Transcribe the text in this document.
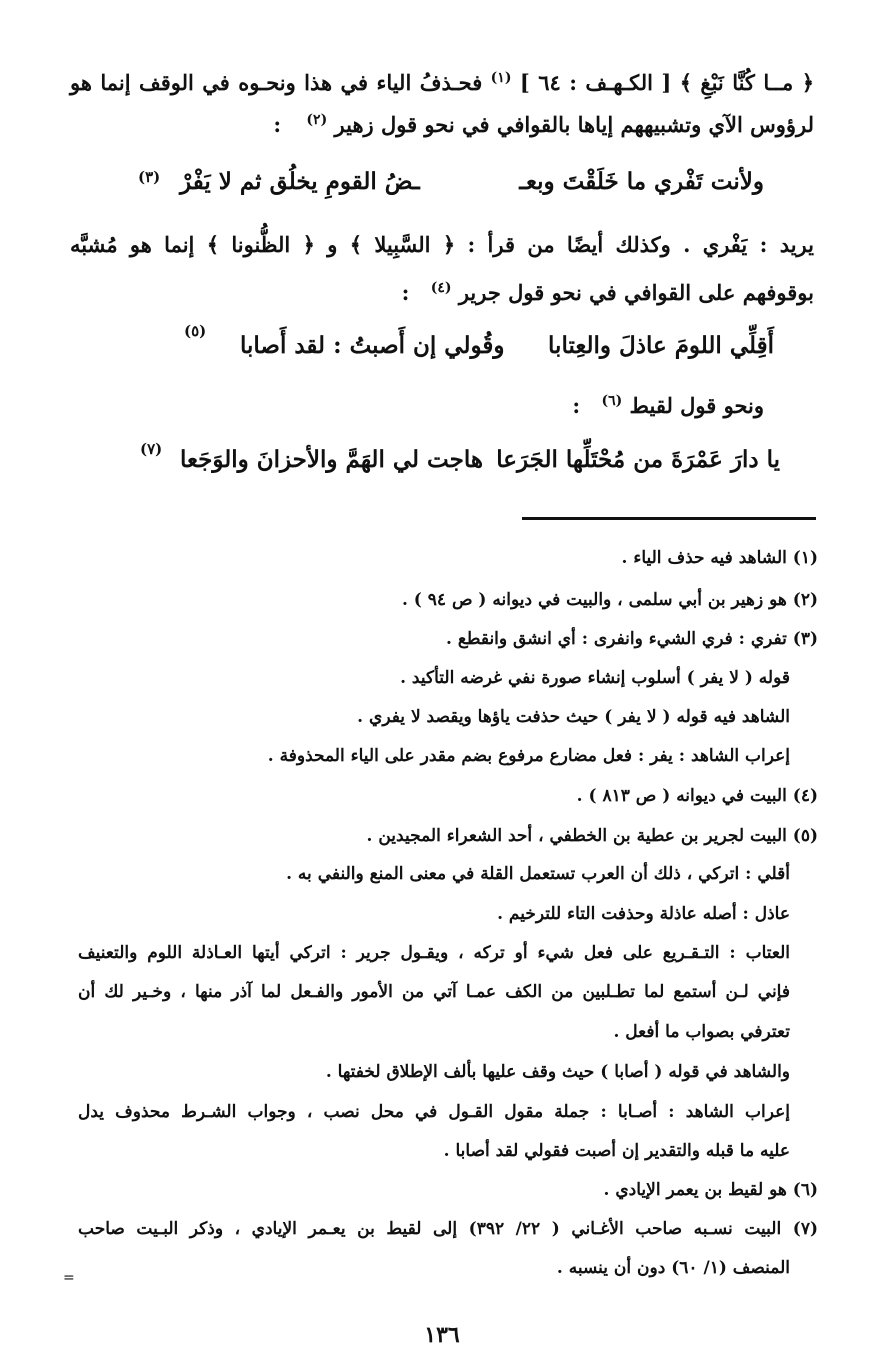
﴿ مــا كُنَّا نَبْغِ ﴾ [ الكـهـف : ٦٤ ] $^{(١)}$ فحـذفُ الياء في هذا ونحـوه في الوقف إنما هو
لرؤوس الآي وتشبيههم إياها بالقوافي في نحو قول زهير $^{(٢)}$ :
ولأنت تَفْري ما خَلَقْتَ وبعـ
ـضُ القومِ يخلُق ثم لا يَفْرْ
(٣)
يريد : يَفْري . وكذلك أيضًا من قرأ : ﴿ السَّبِيلا ﴾ و ﴿ الظُّنونا ﴾ إنما هو مُشبَّه
بوقوفهم على القوافي في نحو قول جرير $^{(٤)}$ :
أَقِلِّي اللومَ عاذلَ والعِتابا
وقُولي إن أَصبتُ : لقد أَصابا
(٥)
ونحو قول لقيط $^{(٦)}$ :
يا دارَ عَمْرَةَ من مُحْتَلِّها الجَرَعا
هاجت لي الهَمَّ والأحزانَ والوَجَعا
(٧)
(١) الشاهد فيه حذف الياء .
(٢) هو زهير بن أبي سلمى ، والبيت في ديوانه ( ص ٩٤ ) .
(٣) تفري : فري الشيء وانفرى : أي انشق وانقطع .
قوله ( لا يفر ) أسلوب إنشاء صورة نفي غرضه التأكيد .
الشاهد فيه قوله ( لا يفر ) حيث حذفت ياؤها ويقصد لا يفري .
إعراب الشاهد : يفر : فعل مضارع مرفوع بضم مقدر على الياء المحذوفة .
(٤) البيت في ديوانه ( ص ٨١٣ ) .
(٥) البيت لجرير بن عطية بن الخطفي ، أحد الشعراء المجيدين .
أقلي : اتركي ، ذلك أن العرب تستعمل القلة في معنى المنع والنفي به .
عاذل : أصله عاذلة وحذفت التاء للترخيم .
العتاب : التـقـريع على فعل شيء أو تركه ، ويقـول جرير : اتركي أيتها العـاذلة اللوم والتعنيف
فإني لـن أستمع لما تطـلبين من الكف عمـا آتي من الأمور والفـعل لما آذر منها ، وخـير لك أن
تعترفي بصواب ما أفعل .
والشاهد في قوله ( أصابا ) حيث وقف عليها بألف الإطلاق لخفتها .
إعراب الشاهد : أصـابا : جملة مقول القـول في محل نصب ، وجواب الشـرط محذوف يدل
عليه ما قبله والتقدير إن أصبت فقولي لقد أصابا .
(٦) هو لقيط بن يعمر الإيادي .
(٧) البيت نسـبه صاحب الأغـاني ( ٢٢/ ٣٩٢) إلى لقيط بن يعـمر الإيادي ، وذكر البـيت صاحب
المنصف (١/ ٦٠) دون أن ينسبه .
=
١٣٦
